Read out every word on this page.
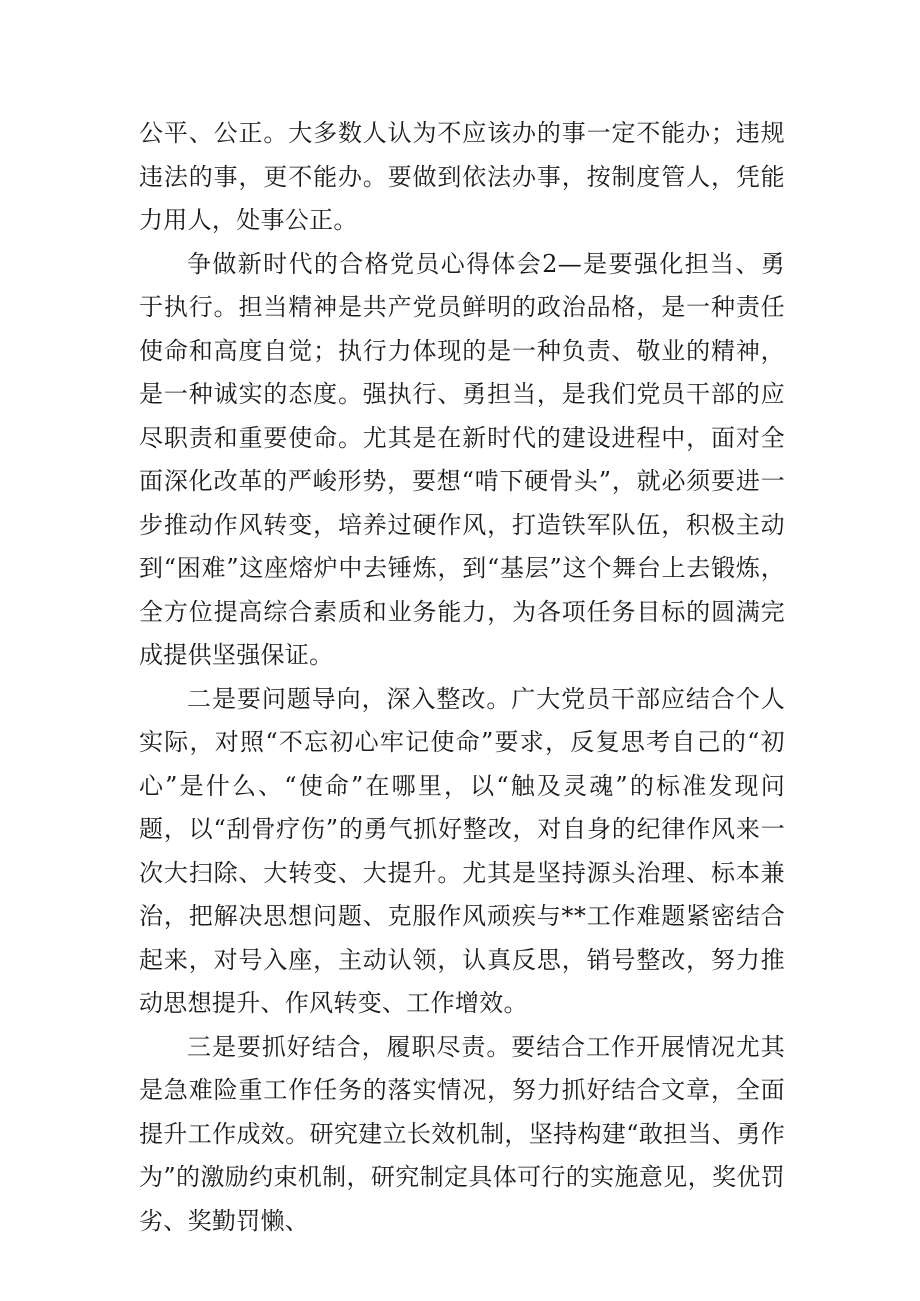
公平、公正。大多数人认为不应该办的事一定不能办；违规违法的事，更不能办。要做到依法办事，按制度管人，凭能力用人，处事公正。

争做新时代的合格党员心得体会2—是要强化担当、勇于执行。担当精神是共产党员鲜明的政治品格，是一种责任使命和高度自觉；执行力体现的是一种负责、敬业的精神，是一种诚实的态度。强执行、勇担当，是我们党员干部的应尽职责和重要使命。尤其是在新时代的建设进程中，面对全面深化改革的严峻形势，要想“啃下硬骨头”，就必须要进一步推动作风转变，培养过硬作风，打造铁军队伍，积极主动到“困难”这座熔炉中去锤炼，到“基层”这个舞台上去锻炼，全方位提高综合素质和业务能力，为各项任务目标的圆满完成提供坚强保证。

二是要问题导向，深入整改。广大党员干部应结合个人实际，对照“不忘初心牢记使命”要求，反复思考自己的“初心”是什么、“使命”在哪里，以“触及灵魂”的标准发现问题，以“刮骨疗伤”的勇气抓好整改，对自身的纪律作风来一次大扫除、大转变、大提升。尤其是坚持源头治理、标本兼治，把解决思想问题、克服作风顽疾与**工作难题紧密结合起来，对号入座，主动认领，认真反思，销号整改，努力推动思想提升、作风转变、工作增效。

三是要抓好结合，履职尽责。要结合工作开展情况尤其是急难险重工作任务的落实情况，努力抓好结合文章，全面提升工作成效。研究建立长效机制，坚持构建“敢担当、勇作为”的激励约束机制，研究制定具体可行的实施意见，奖优罚劣、奖勤罚懒、
